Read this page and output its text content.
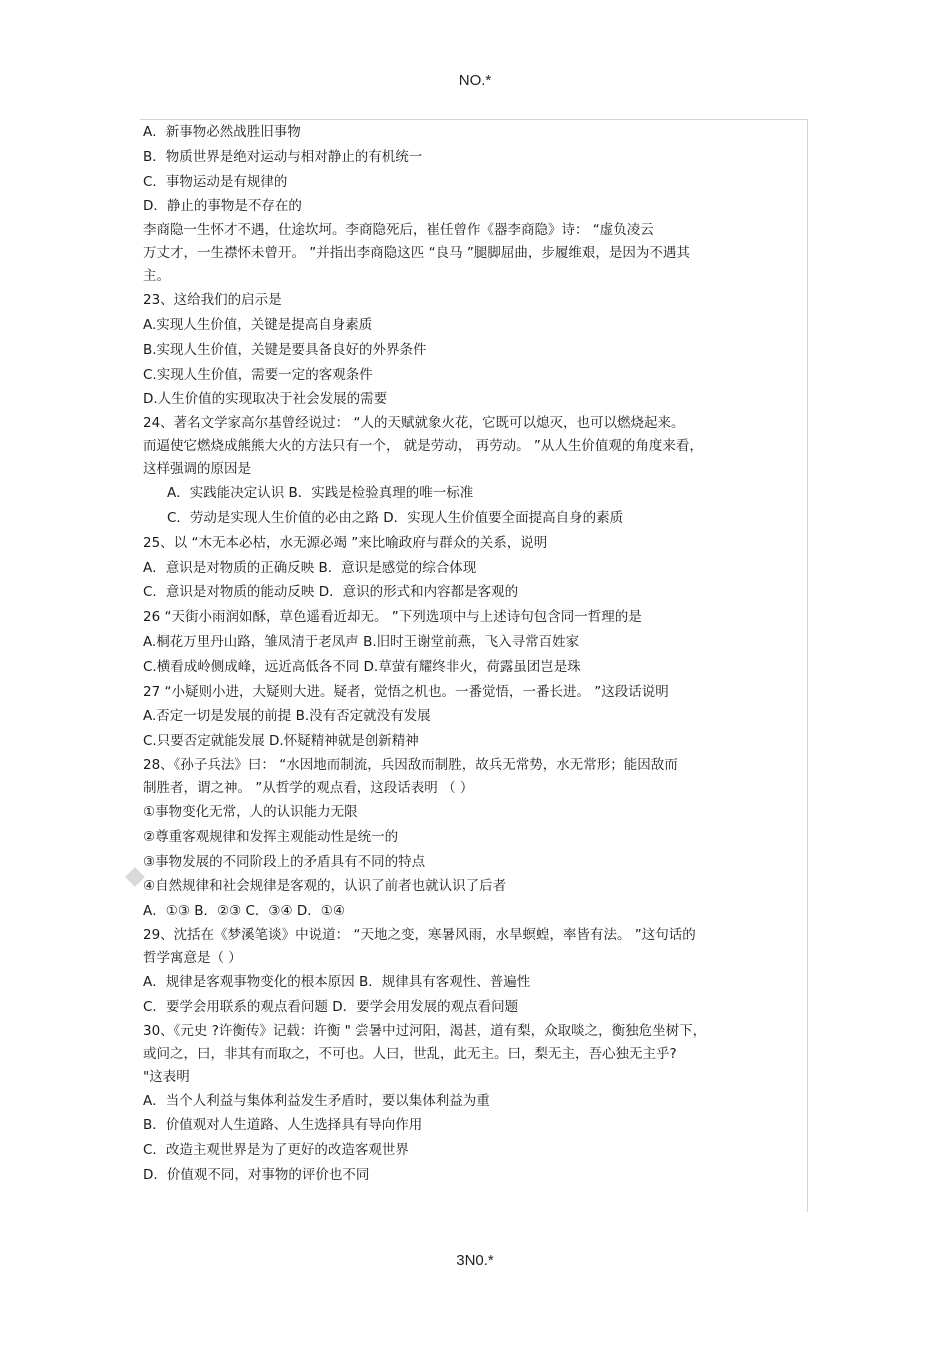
NO.*
A．新事物必然战胜旧事物
B．物质世界是绝对运动与相对静止的有机统一
C．事物运动是有规律的
D．静止的事物是不存在的
李商隐一生怀才不遇，仕途坎坷。李商隐死后，崔任曾作《器李商隐》诗： “虚负凌云
万丈才，一生襟怀未曾开。 ”并指出李商隐这匹 “良马 ”腿脚屈曲，步履维艰，是因为不遇其
主。
23、这给我们的启示是
A.实现人生价值，关键是提高自身素质
B.实现人生价值，关键是要具备良好的外界条件
C.实现人生价值，需要一定的客观条件
D.人生价值的实现取决于社会发展的需要
24、著名文学家高尔基曾经说过： “人的天赋就象火花，它既可以熄灭，也可以燃烧起来。
而逼使它燃烧成熊熊大火的方法只有一个， 就是劳动， 再劳动。 ”从人生价值观的角度来看，
这样强调的原因是
A．实践能决定认识 B．实践是检验真理的唯一标准
C．劳动是实现人生价值的必由之路 D．实现人生价值要全面提高自身的素质
25、以 “木无本必枯，水无源必竭 ”来比喻政府与群众的关系，说明
A．意识是对物质的正确反映 B．意识是感觉的综合体现
C．意识是对物质的能动反映 D．意识的形式和内容都是客观的
26 “天街小雨润如酥，草色遥看近却无。 ”下列选项中与上述诗句包含同一哲理的是
A.桐花万里丹山路，雏凤清于老凤声 B.旧时王谢堂前燕，飞入寻常百姓家
C.横看成岭侧成峰，远近高低各不同 D.草萤有耀终非火，荷露虽团岂是珠
27 “小疑则小进，大疑则大进。疑者，觉悟之机也。一番觉悟，一番长进。 ”这段话说明
A.否定一切是发展的前提 B.没有否定就没有发展
C.只要否定就能发展 D.怀疑精神就是创新精神
28、《孙子兵法》曰： “水因地而制流，兵因敌而制胜，故兵无常势，水无常形；能因敌而
制胜者，谓之神。 ”从哲学的观点看，这段话表明 （ ）
①事物变化无常，人的认识能力无限
②尊重客观规律和发挥主观能动性是统一的
③事物发展的不同阶段上的矛盾具有不同的特点
④自然规律和社会规律是客观的，认识了前者也就认识了后者
A．①③ B．②③ C．③④ D．①④
29、沈括在《梦溪笔谈》中说道： “天地之变，寒暑风雨，水旱螟蝗，率皆有法。 ”这句话的
哲学寓意是（ ）
A．规律是客观事物变化的根本原因 B．规律具有客观性、普遍性
C．要学会用联系的观点看问题 D．要学会用发展的观点看问题
30、《元史 ?许衡传》记载：许衡 " 尝暑中过河阳，渴甚，道有梨，众取啖之，衡独危坐树下，
或问之，曰，非其有而取之，不可也。人曰，世乱，此无主。曰，梨无主，吾心独无主乎?
"这表明
A．当个人利益与集体利益发生矛盾时，要以集体利益为重
B．价值观对人生道路、人生选择具有导向作用
C．改造主观世界是为了更好的改造客观世界
D．价值观不同，对事物的评价也不同
3N0.*
